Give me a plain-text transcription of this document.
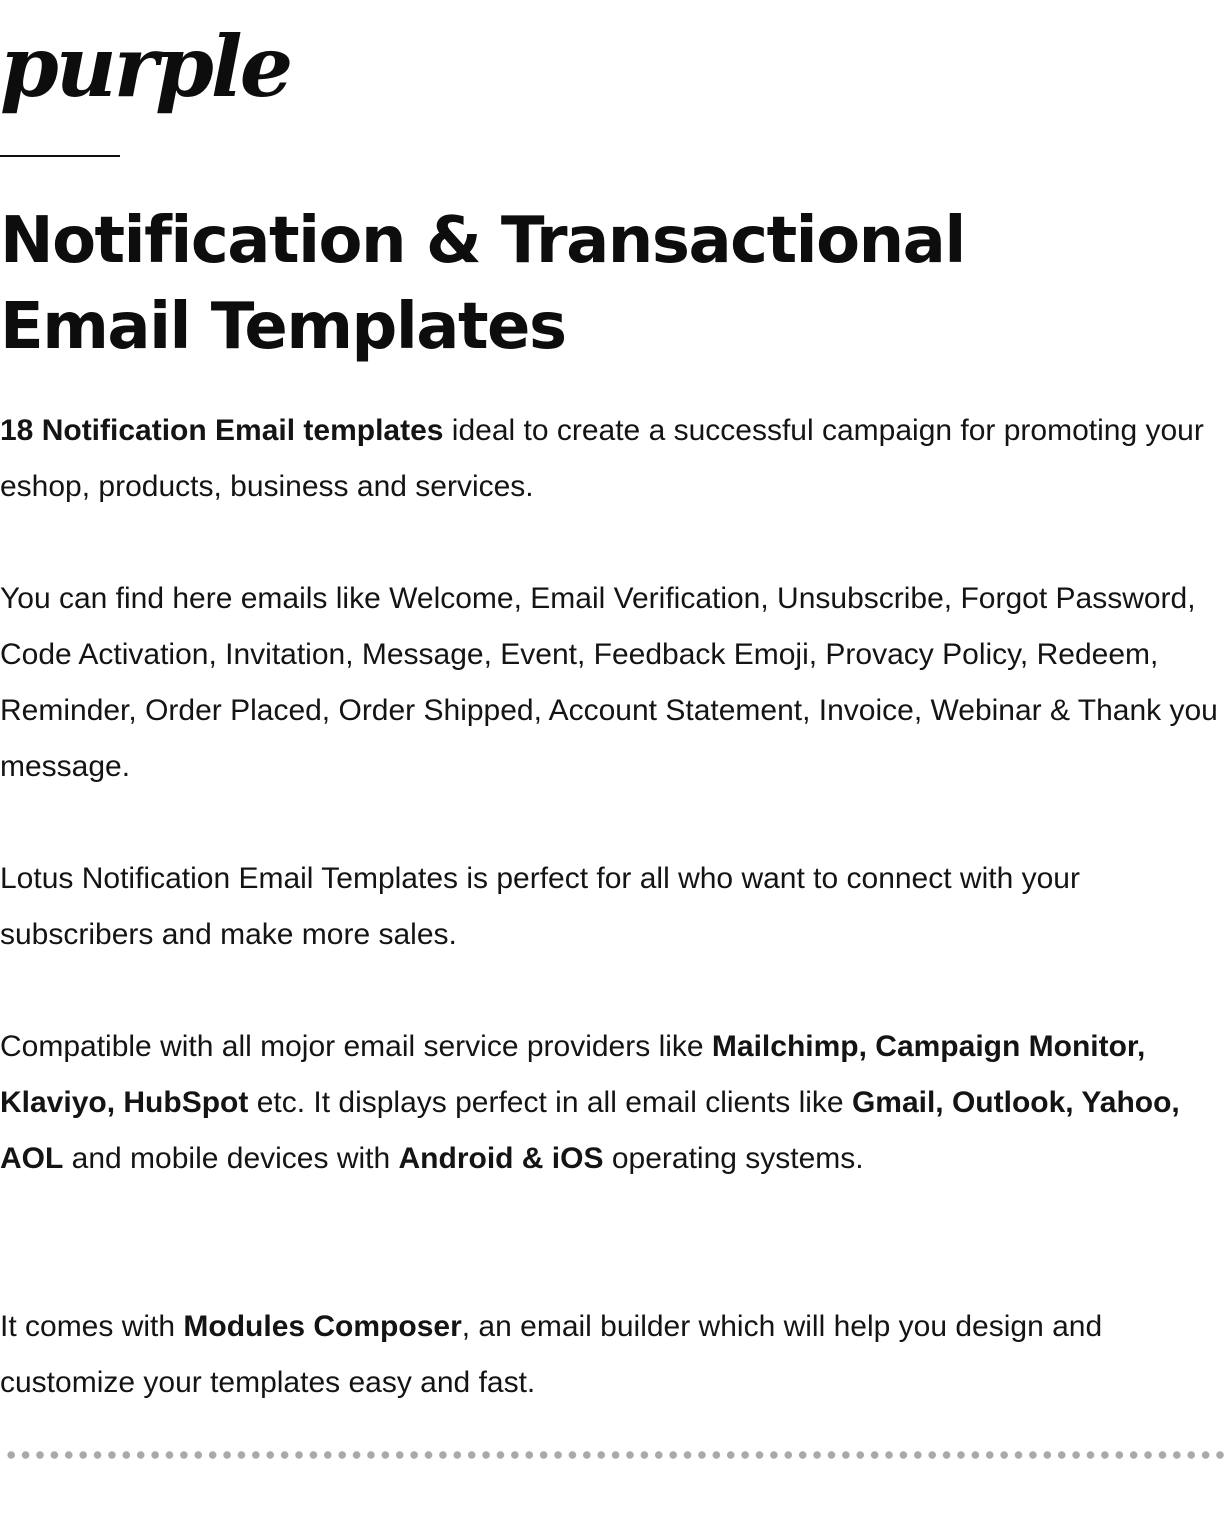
purple
Notification & Transactional
Email Templates

18 Notification Email templates ideal to create a successful campaign for promoting your eshop, products, business and services.

You can find here emails like Welcome, Email Verification, Unsubscribe, Forgot Password, Code Activation, Invitation, Message, Event, Feedback Emoji, Provacy Policy, Redeem, Reminder, Order Placed, Order Shipped, Account Statement, Invoice, Webinar & Thank you message.

Lotus Notification Email Templates is perfect for all who want to connect with your subscribers and make more sales.

Compatible with all mojor email service providers like Mailchimp, Campaign Monitor, Klaviyo, HubSpot etc. It displays perfect in all email clients like Gmail, Outlook, Yahoo, AOL and mobile devices with Android & iOS operating systems.

It comes with Modules Composer, an email builder which will help you design and customize your templates easy and fast.
